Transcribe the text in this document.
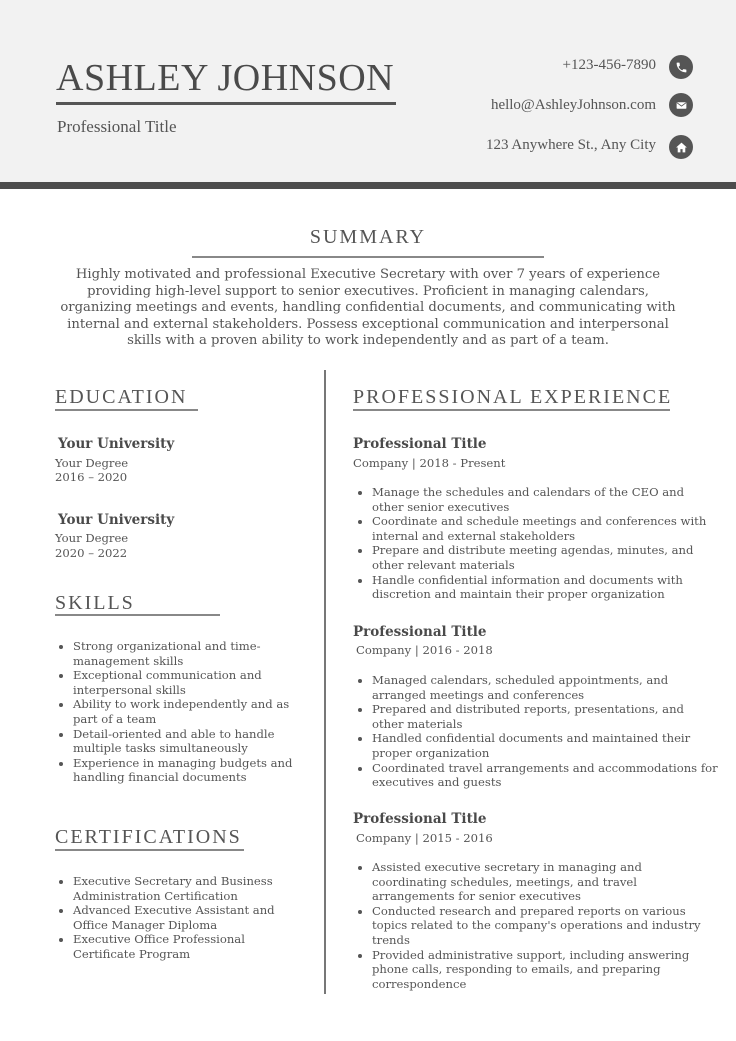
ASHLEY JOHNSON
Professional Title
+123-456-7890
hello@AshleyJohnson.com
123 Anywhere St., Any City
SUMMARY
Highly motivated and professional Executive Secretary with over 7 years of experience providing high-level support to senior executives. Proficient in managing calendars, organizing meetings and events, handling confidential documents, and communicating with internal and external stakeholders. Possess exceptional communication and interpersonal skills with a proven ability to work independently and as part of a team.
EDUCATION
Your University
Your Degree
2016 – 2020
Your University
Your Degree
2020 – 2022
SKILLS
• Strong organizational and time-management skills
• Exceptional communication and interpersonal skills
• Ability to work independently and as part of a team
• Detail-oriented and able to handle multiple tasks simultaneously
• Experience in managing budgets and handling financial documents
CERTIFICATIONS
• Executive Secretary and Business Administration Certification
• Advanced Executive Assistant and Office Manager Diploma
• Executive Office Professional Certificate Program
PROFESSIONAL EXPERIENCE
Professional Title
Company | 2018 - Present
• Manage the schedules and calendars of the CEO and other senior executives
• Coordinate and schedule meetings and conferences with internal and external stakeholders
• Prepare and distribute meeting agendas, minutes, and other relevant materials
• Handle confidential information and documents with discretion and maintain their proper organization
Professional Title
Company | 2016 - 2018
• Managed calendars, scheduled appointments, and arranged meetings and conferences
• Prepared and distributed reports, presentations, and other materials
• Handled confidential documents and maintained their proper organization
• Coordinated travel arrangements and accommodations for executives and guests
Professional Title
Company | 2015 - 2016
• Assisted executive secretary in managing and coordinating schedules, meetings, and travel arrangements for senior executives
• Conducted research and prepared reports on various topics related to the company's operations and industry trends
• Provided administrative support, including answering phone calls, responding to emails, and preparing correspondence
